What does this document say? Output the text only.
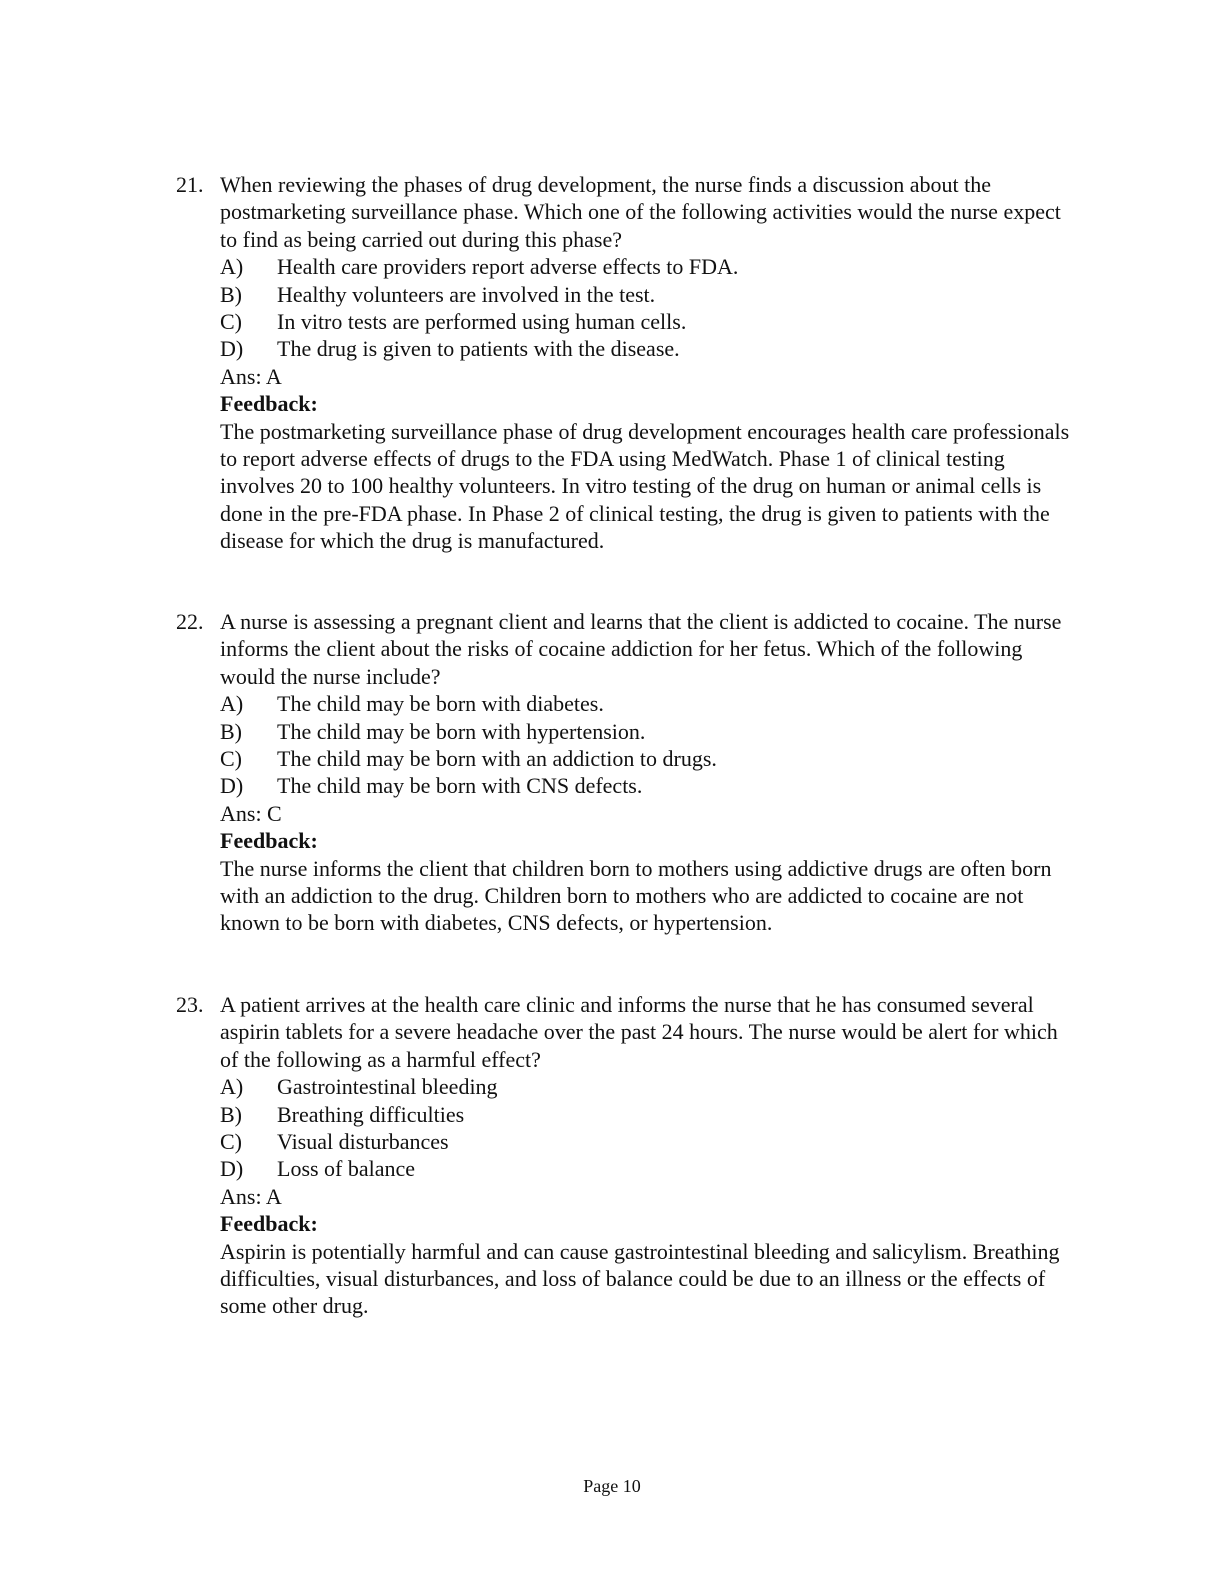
21. When reviewing the phases of drug development, the nurse finds a discussion about the postmarketing surveillance phase. Which one of the following activities would the nurse expect to find as being carried out during this phase?

A) Health care providers report adverse effects to FDA.
B) Healthy volunteers are involved in the test.
C) In vitro tests are performed using human cells.
D) The drug is given to patients with the disease.

Ans: A

Feedback:

The postmarketing surveillance phase of drug development encourages health care professionals to report adverse effects of drugs to the FDA using MedWatch. Phase 1 of clinical testing involves 20 to 100 healthy volunteers. In vitro testing of the drug on human or animal cells is done in the pre-FDA phase. In Phase 2 of clinical testing, the drug is given to patients with the disease for which the drug is manufactured.

22. A nurse is assessing a pregnant client and learns that the client is addicted to cocaine. The nurse informs the client about the risks of cocaine addiction for her fetus. Which of the following would the nurse include?

A) The child may be born with diabetes.
B) The child may be born with hypertension.
C) The child may be born with an addiction to drugs.
D) The child may be born with CNS defects.

Ans: C

Feedback:

The nurse informs the client that children born to mothers using addictive drugs are often born with an addiction to the drug. Children born to mothers who are addicted to cocaine are not known to be born with diabetes, CNS defects, or hypertension.

23. A patient arrives at the health care clinic and informs the nurse that he has consumed several aspirin tablets for a severe headache over the past 24 hours. The nurse would be alert for which of the following as a harmful effect?

A) Gastrointestinal bleeding
B) Breathing difficulties
C) Visual disturbances
D) Loss of balance

Ans: A

Feedback:

Aspirin is potentially harmful and can cause gastrointestinal bleeding and salicylism. Breathing difficulties, visual disturbances, and loss of balance could be due to an illness or the effects of some other drug.

Page 10
